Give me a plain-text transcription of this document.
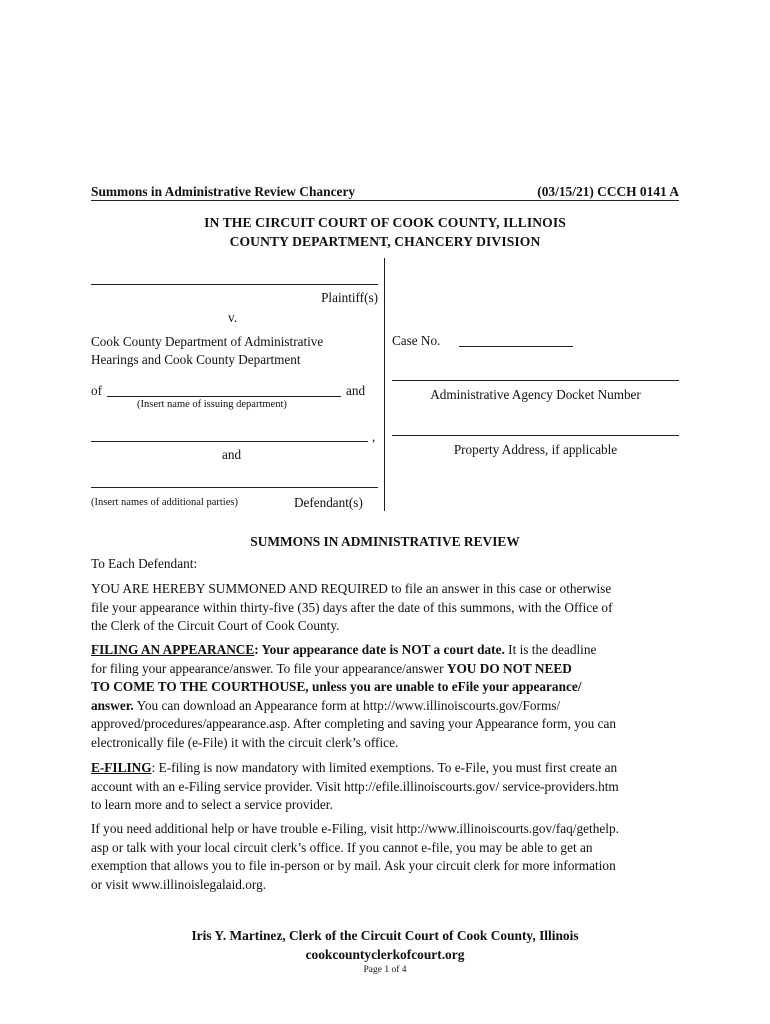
Summons in Administrative Review Chancery	(03/15/21) CCCH 0141 A
IN THE CIRCUIT COURT OF COOK COUNTY, ILLINOIS
COUNTY DEPARTMENT, CHANCERY DIVISION
Plaintiff(s)
v.
Cook County Department of Administrative
Hearings and Cook County Department
of	and
(Insert name of issuing department)
,
and
(Insert names of additional parties)	Defendant(s)
Case No.
Administrative Agency Docket Number
Property Address, if applicable
SUMMONS IN ADMINISTRATIVE REVIEW
To Each Defendant:

YOU ARE HEREBY SUMMONED AND REQUIRED to file an answer in this case or otherwise

file your appearance within thirty-five (35) days after the date of this summons, with the Office of

the Clerk of the Circuit Court of Cook County.

FILING AN APPEARANCE: Your appearance date is NOT a court date. It is the deadline

for filing your appearance/answer. To file your appearance/answer YOU DO NOT NEED

TO COME TO THE COURTHOUSE, unless you are unable to eFile your appearance/

answer. You can download an Appearance form at http://www.illinoiscourts.gov/Forms/

approved/procedures/appearance.asp. After completing and saving your Appearance form, you can

electronically file (e-File) it with the circuit clerk’s office.

E-FILING: E-filing is now mandatory with limited exemptions. To e-File, you must first create an

account with an e-Filing service provider. Visit http://efile.illinoiscourts.gov/ service-providers.htm

to learn more and to select a service provider.

If you need additional help or have trouble e-Filing, visit http://www.illinoiscourts.gov/faq/gethelp.

asp or talk with your local circuit clerk’s office. If you cannot e-file, you may be able to get an

exemption that allows you to file in-person or by mail. Ask your circuit clerk for more information

or visit www.illinoislegalaid.org.

Iris Y. Martinez, Clerk of the Circuit Court of Cook County, Illinois
cookcountyclerkofcourt.org
Page 1 of 4
